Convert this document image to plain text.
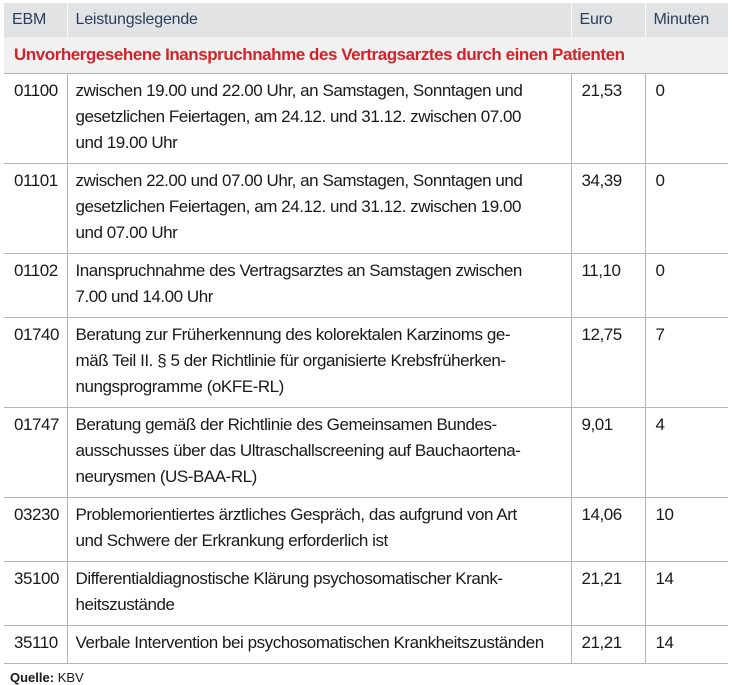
EBM	Leistungslegende	Euro	Minuten
Unvorhergesehene Inanspruchnahme des Vertragsarztes durch einen Patienten			
01100	zwischen 19.00 und 22.00 Uhr, an Samstagen, Sonntagen und
gesetzlichen Feiertagen, am 24.12. und 31.12. zwischen 07.00
und 19.00 Uhr	21,53	0
01101	zwischen 22.00 und 07.00 Uhr, an Samstagen, Sonntagen und
gesetzlichen Feiertagen, am 24.12. und 31.12. zwischen 19.00
und 07.00 Uhr	34,39	0
01102	Inanspruchnahme des Vertragsarztes an Samstagen zwischen
7.00 und 14.00 Uhr	11,10	0
01740	Beratung zur Früherkennung des kolorektalen Karzinoms ge-
mäß Teil II. § 5 der Richtlinie für organisierte Krebsfrüherken-
nungsprogramme (oKFE-RL)	12,75	7
01747	Beratung gemäß der Richtlinie des Gemeinsamen Bundes-
ausschusses über das Ultraschallscreening auf Bauchaortena-
neurysmen (US-BAA-RL)	9,01	4
03230	Problemorientiertes ärztliches Gespräch, das aufgrund von Art
und Schwere der Erkrankung erforderlich ist	14,06	10
35100	Differentialdiagnostische Klärung psychosomatischer Krank-
heitszustände	21,21	14
35110	Verbale Intervention bei psychosomatischen Krankheitszuständen	21,21	14
Quelle: KBV
